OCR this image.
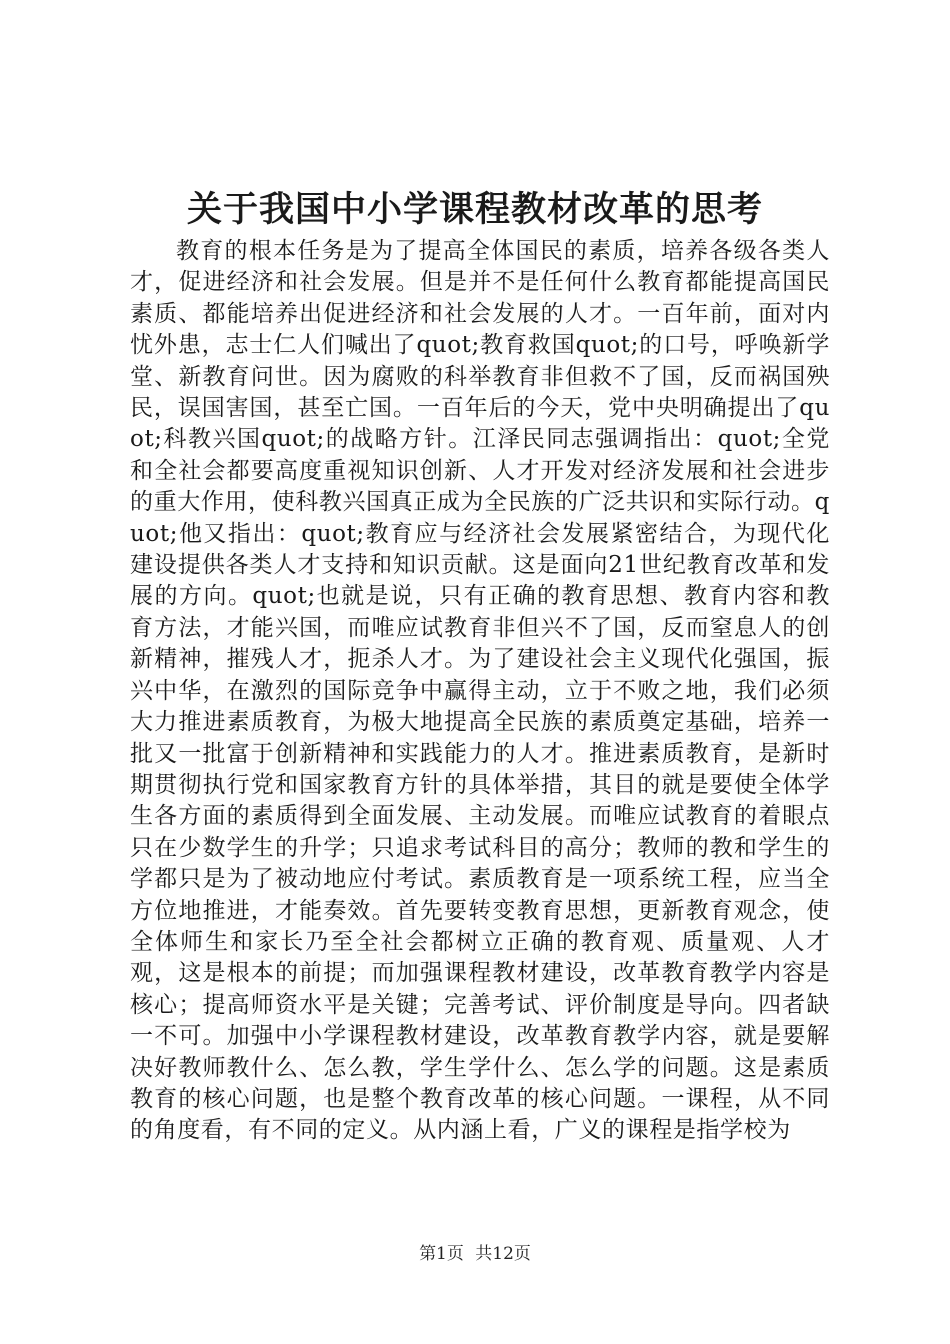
关于我国中小学课程教材改革的思考

教育的根本任务是为了提高全体国民的素质，培养各级各类人才，促进经济和社会发展。但是并不是任何什么教育都能提高国民素质、都能培养出促进经济和社会发展的人才。一百年前，面对内忧外患，志士仁人们喊出了quot;教育救国quot;的口号，呼唤新学堂、新教育问世。因为腐败的科举教育非但救不了国，反而祸国殃民，误国害国，甚至亡国。一百年后的今天，党中央明确提出了quot;科教兴国quot;的战略方针。江泽民同志强调指出：quot;全党和全社会都要高度重视知识创新、人才开发对经济发展和社会进步的重大作用，使科教兴国真正成为全民族的广泛共识和实际行动。quot;他又指出：quot;教育应与经济社会发展紧密结合，为现代化建设提供各类人才支持和知识贡献。这是面向21世纪教育改革和发展的方向。quot;也就是说，只有正确的教育思想、教育内容和教育方法，才能兴国，而唯应试教育非但兴不了国，反而窒息人的创新精神，摧残人才，扼杀人才。为了建设社会主义现代化强国，振兴中华，在激烈的国际竞争中赢得主动，立于不败之地，我们必须大力推进素质教育，为极大地提高全民族的素质奠定基础，培养一批又一批富于创新精神和实践能力的人才。推进素质教育，是新时期贯彻执行党和国家教育方针的具体举措，其目的就是要使全体学生各方面的素质得到全面发展、主动发展。而唯应试教育的着眼点只在少数学生的升学；只追求考试科目的高分；教师的教和学生的学都只是为了被动地应付考试。素质教育是一项系统工程，应当全方位地推进，才能奏效。首先要转变教育思想，更新教育观念，使全体师生和家长乃至全社会都树立正确的教育观、质量观、人才观，这是根本的前提；而加强课程教材建设，改革教育教学内容是核心；提高师资水平是关键；完善考试、评价制度是导向。四者缺一不可。加强中小学课程教材建设，改革教育教学内容，就是要解决好教师教什么、怎么教，学生学什么、怎么学的问题。这是素质教育的核心问题，也是整个教育改革的核心问题。一课程，从不同的角度看，有不同的定义。从内涵上看，广义的课程是指学校为

第1页 共12页
